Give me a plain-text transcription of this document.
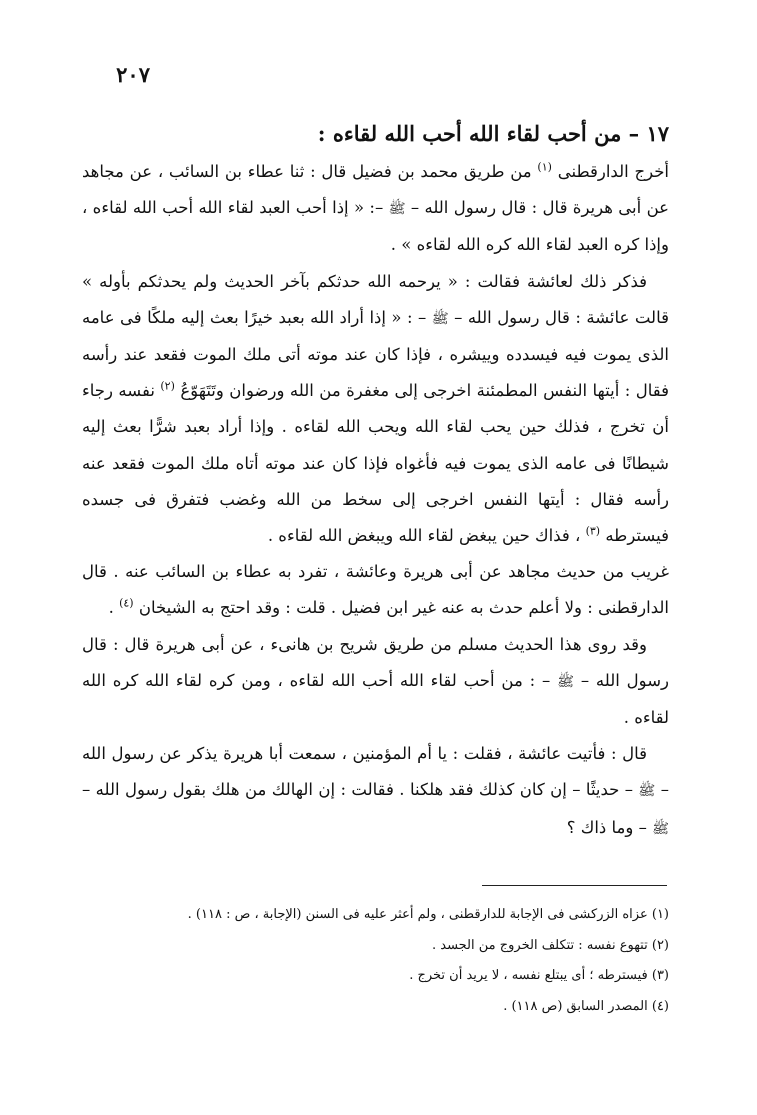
٢٠٧
١٧ – من أحب لقاء الله أحب الله لقاءه :

أخرج الدارقطنى $^{(١)}$ من طريق محمد بن فضيل قال : ثنا عطاء بن السائب ، عن مجاهد عن أبى هريرة قال : قال رسول الله – ﷺ –: « إذا أحب العبد لقاء الله أحب الله لقاءه ، وإذا كره العبد لقاء الله كره الله لقاءه » .

فذكر ذلك لعائشة فقالت : « يرحمه الله حدثكم بآخر الحديث ولم يحدثكم بأوله » قالت عائشة : قال رسول الله – ﷺ – : « إذا أراد الله بعبد خيرًا بعث إليه ملكًا فى عامه الذى يموت فيه فيسدده وييشره ، فإذا كان عند موته أتى ملك الموت فقعد عند رأسه فقال : أيتها النفس المطمئنة اخرجى إلى مغفرة من الله ورضوان وتَتَهَوّعُ $^{(٢)}$ نفسه رجاء أن تخرج ، فذلك حين يحب لقاء الله ويحب الله لقاءه . وإذا أراد بعبد شرًّا بعث إليه شيطانًا فى عامه الذى يموت فيه فأغواه فإذا كان عند موته أتاه ملك الموت فقعد عنه رأسه فقال : أيتها النفس اخرجى إلى سخط من الله وغضب فتفرق فى جسده فيسترطه $^{(٣)}$ ، فذاك حين يبغض لقاء الله ويبغض الله لقاءه .

غريب من حديث مجاهد عن أبى هريرة وعائشة ، تفرد به عطاء بن السائب عنه . قال الدارقطنى : ولا أعلم حدث به عنه غير ابن فضيل . قلت : وقد احتج به الشيخان $^{(٤)}$ .

وقد روى هذا الحديث مسلم من طريق شريح بن هانىء ، عن أبى هريرة قال : قال رسول الله – ﷺ – : من أحب لقاء الله أحب الله لقاءه ، ومن كره لقاء الله كره الله لقاءه .

قال : فأتيت عائشة ، فقلت : يا أم المؤمنين ، سمعت أبا هريرة يذكر عن رسول الله – ﷺ – حديثًا – إن كان كذلك فقد هلكنا . فقالت : إن الهالك من هلك بقول رسول الله – ﷺ – وما ذاك ؟

(١) عزاه الزركشى فى الإجابة للدارقطنى ، ولم أعثر عليه فى السنن (الإجابة ، ص : ١١٨) .
(٢) تتهوع نفسه : تتكلف الخروج من الجسد .
(٣) فيسترطه ؛ أى يبتلع نفسه ، لا يريد أن تخرج .
(٤) المصدر السابق (ص ١١٨) .
